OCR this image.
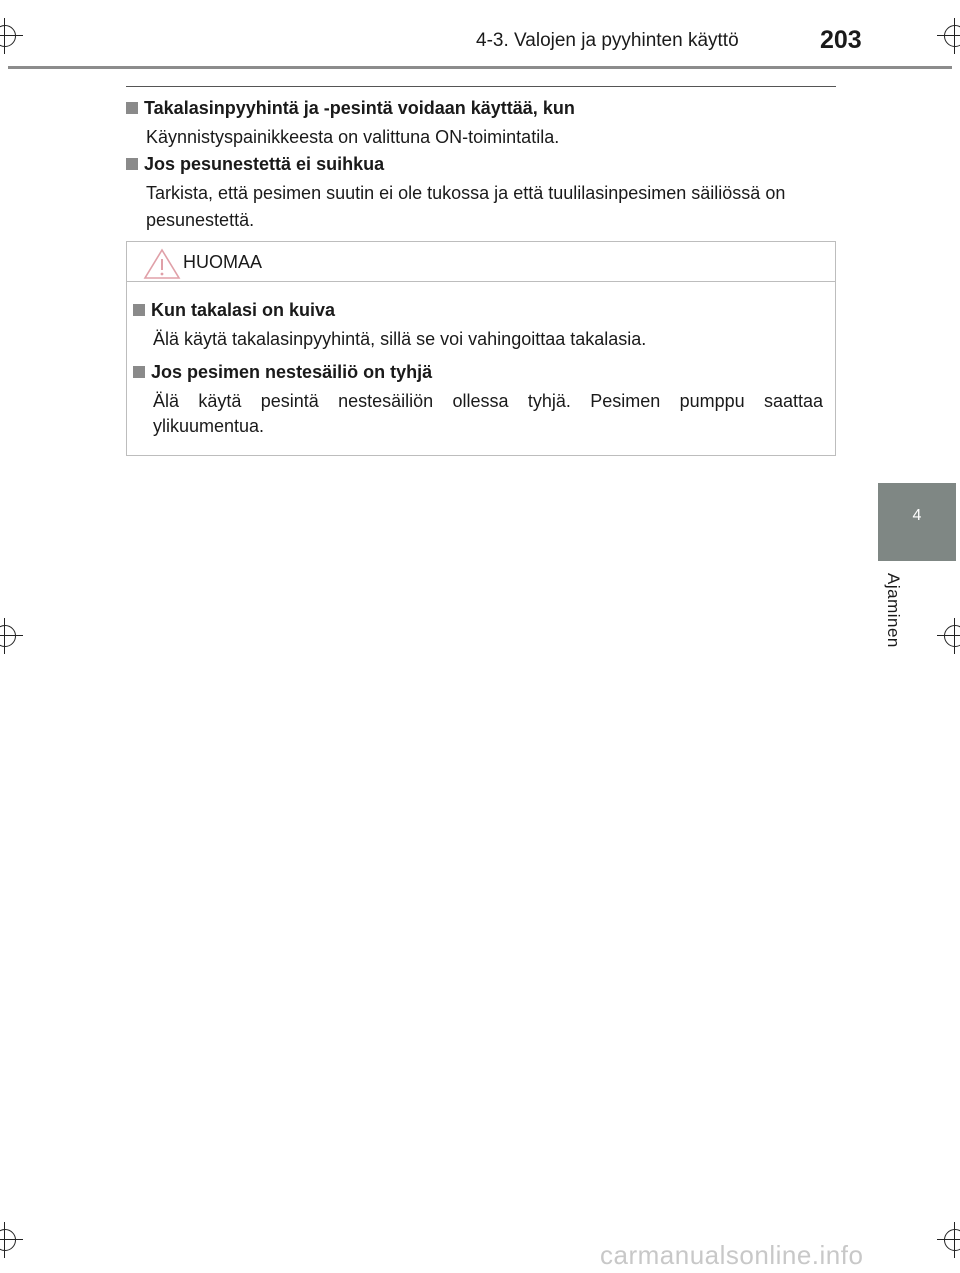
4-3. Valojen ja pyyhinten käyttö	203
4
Ajaminen
Takalasinpyyhintä ja -pesintä voidaan käyttää, kun
Käynnistyspainikkeesta on valittuna ON-toimintatila.
Jos pesunestettä ei suihkua
Tarkista, että pesimen suutin ei ole tukossa ja että tuulilasinpesimen säiliössä on pesunestettä.
HUOMAA
Kun takalasi on kuiva
Älä käytä takalasinpyyhintä, sillä se voi vahingoittaa takalasia.
Jos pesimen nestesäiliö on tyhjä
Älä käytä pesintä nestesäiliön ollessa tyhjä. Pesimen pumppu saattaa ylikuumentua.
carmanualsonline.info
